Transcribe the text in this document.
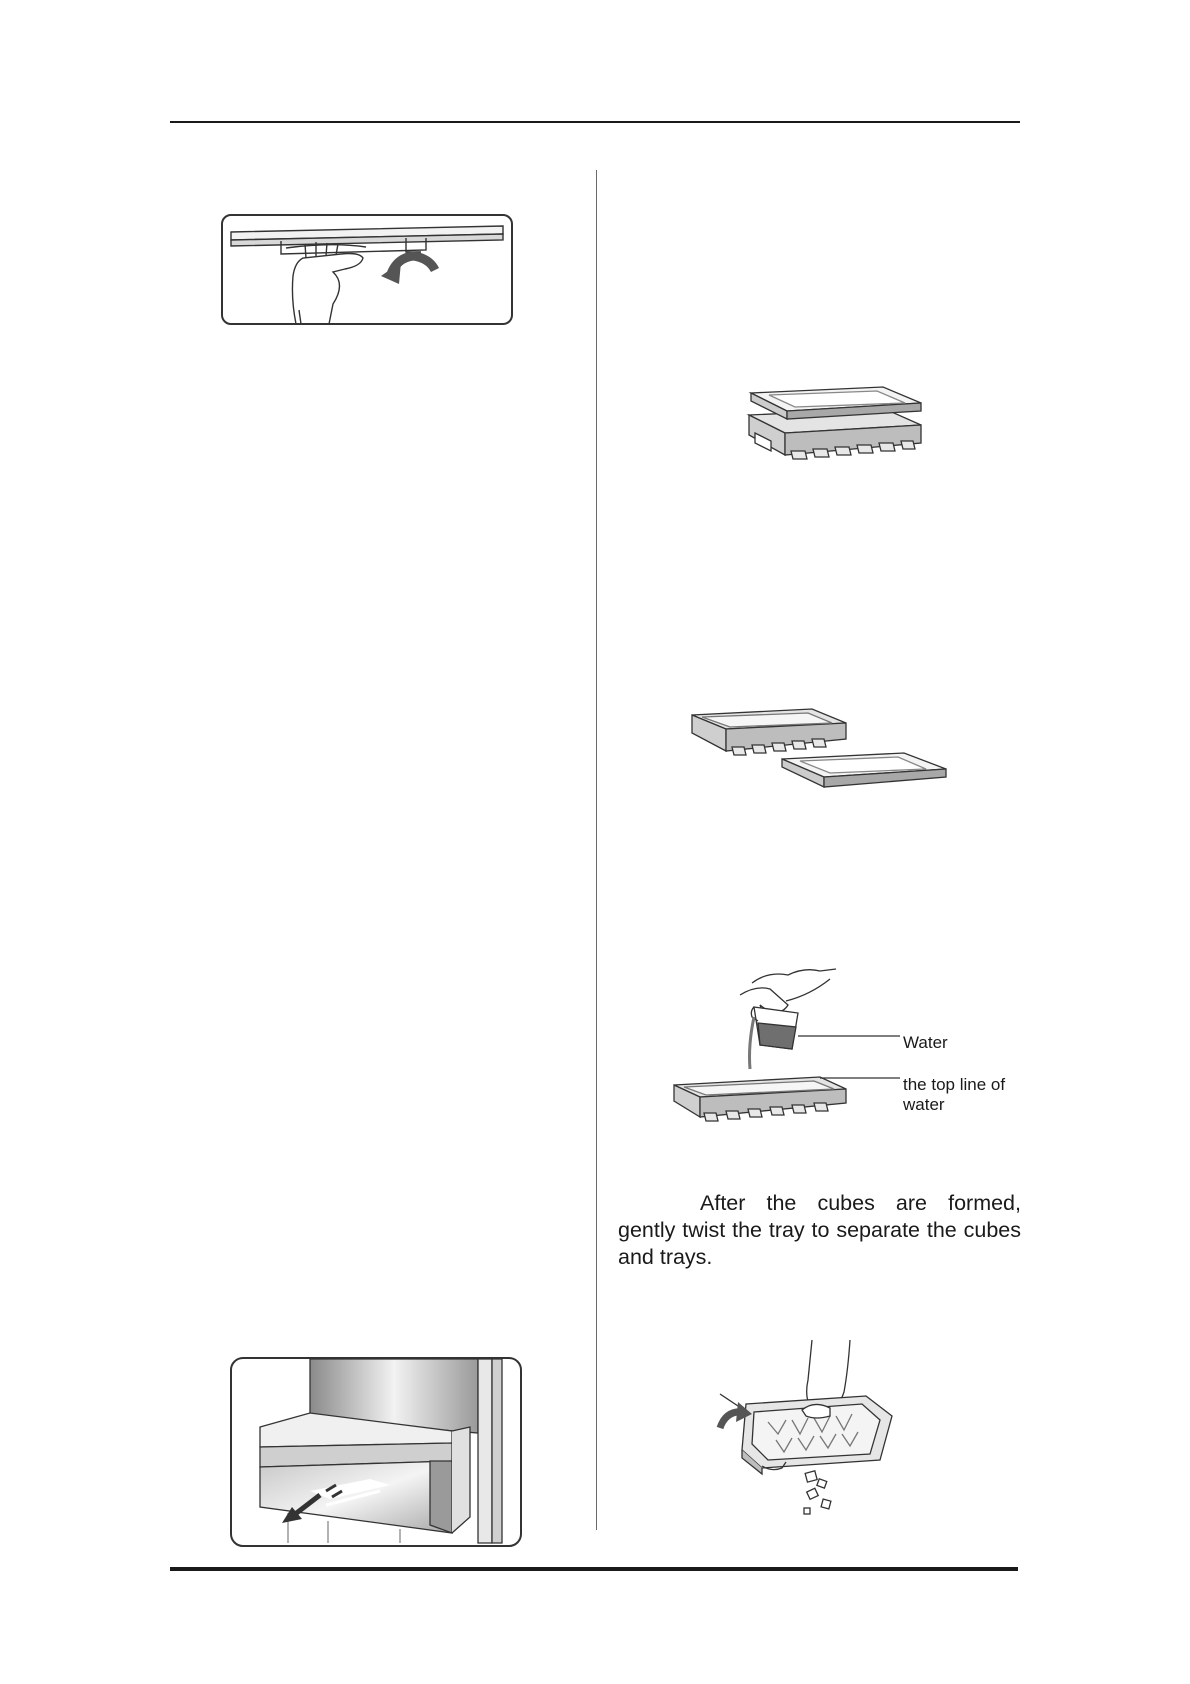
Water
the top line of water
After the cubes are formed, gently twist the tray to separate the cubes and trays.
